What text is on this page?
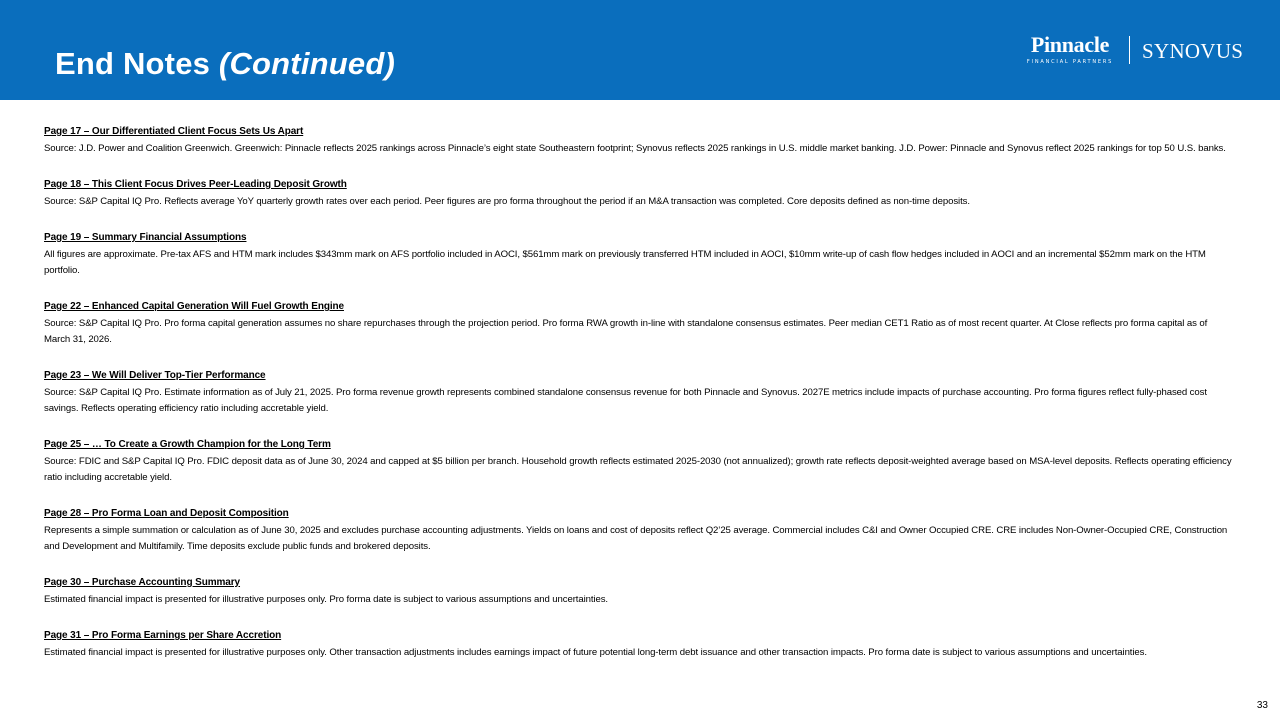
End Notes (Continued)
Pinnacle
FINANCIAL PARTNERS	SYNOVUS
Page 17 – Our Differentiated Client Focus Sets Us Apart

Source: J.D. Power and Coalition Greenwich. Greenwich: Pinnacle reflects 2025 rankings across Pinnacle’s eight state Southeastern footprint; Synovus reflects 2025 rankings in U.S. middle market banking. J.D. Power: Pinnacle and Synovus reflect 2025 rankings for top 50 U.S. banks.

Page 18 – This Client Focus Drives Peer-Leading Deposit Growth

Source: S&P Capital IQ Pro. Reflects average YoY quarterly growth rates over each period. Peer figures are pro forma throughout the period if an M&A transaction was completed. Core deposits defined as non-time deposits.

Page 19 – Summary Financial Assumptions

All figures are approximate. Pre-tax AFS and HTM mark includes $343mm mark on AFS portfolio included in AOCI, $561mm mark on previously transferred HTM included in AOCI, $10mm write-up of cash flow hedges included in AOCI and an incremental $52mm mark on the HTM portfolio.

Page 22 – Enhanced Capital Generation Will Fuel Growth Engine

Source: S&P Capital IQ Pro. Pro forma capital generation assumes no share repurchases through the projection period. Pro forma RWA growth in-line with standalone consensus estimates. Peer median CET1 Ratio as of most recent quarter. At Close reflects pro forma capital as of March 31, 2026.

Page 23 – We Will Deliver Top-Tier Performance

Source: S&P Capital IQ Pro. Estimate information as of July 21, 2025. Pro forma revenue growth represents combined standalone consensus revenue for both Pinnacle and Synovus. 2027E metrics include impacts of purchase accounting. Pro forma figures reflect fully-phased cost savings. Reflects operating efficiency ratio including accretable yield.

Page 25 – … To Create a Growth Champion for the Long Term

Source: FDIC and S&P Capital IQ Pro. FDIC deposit data as of June 30, 2024 and capped at $5 billion per branch. Household growth reflects estimated 2025-2030 (not annualized); growth rate reflects deposit-weighted average based on MSA-level deposits. Reflects operating efficiency ratio including accretable yield.

Page 28 – Pro Forma Loan and Deposit Composition

Represents a simple summation or calculation as of June 30, 2025 and excludes purchase accounting adjustments. Yields on loans and cost of deposits reflect Q2’25 average. Commercial includes C&I and Owner Occupied CRE. CRE includes Non-Owner-Occupied CRE, Construction and Development and Multifamily. Time deposits exclude public funds and brokered deposits.

Page 30 – Purchase Accounting Summary

Estimated financial impact is presented for illustrative purposes only. Pro forma date is subject to various assumptions and uncertainties.

Page 31 – Pro Forma Earnings per Share Accretion

Estimated financial impact is presented for illustrative purposes only. Other transaction adjustments includes earnings impact of future potential long-term debt issuance and other transaction impacts. Pro forma date is subject to various assumptions and uncertainties.

33
